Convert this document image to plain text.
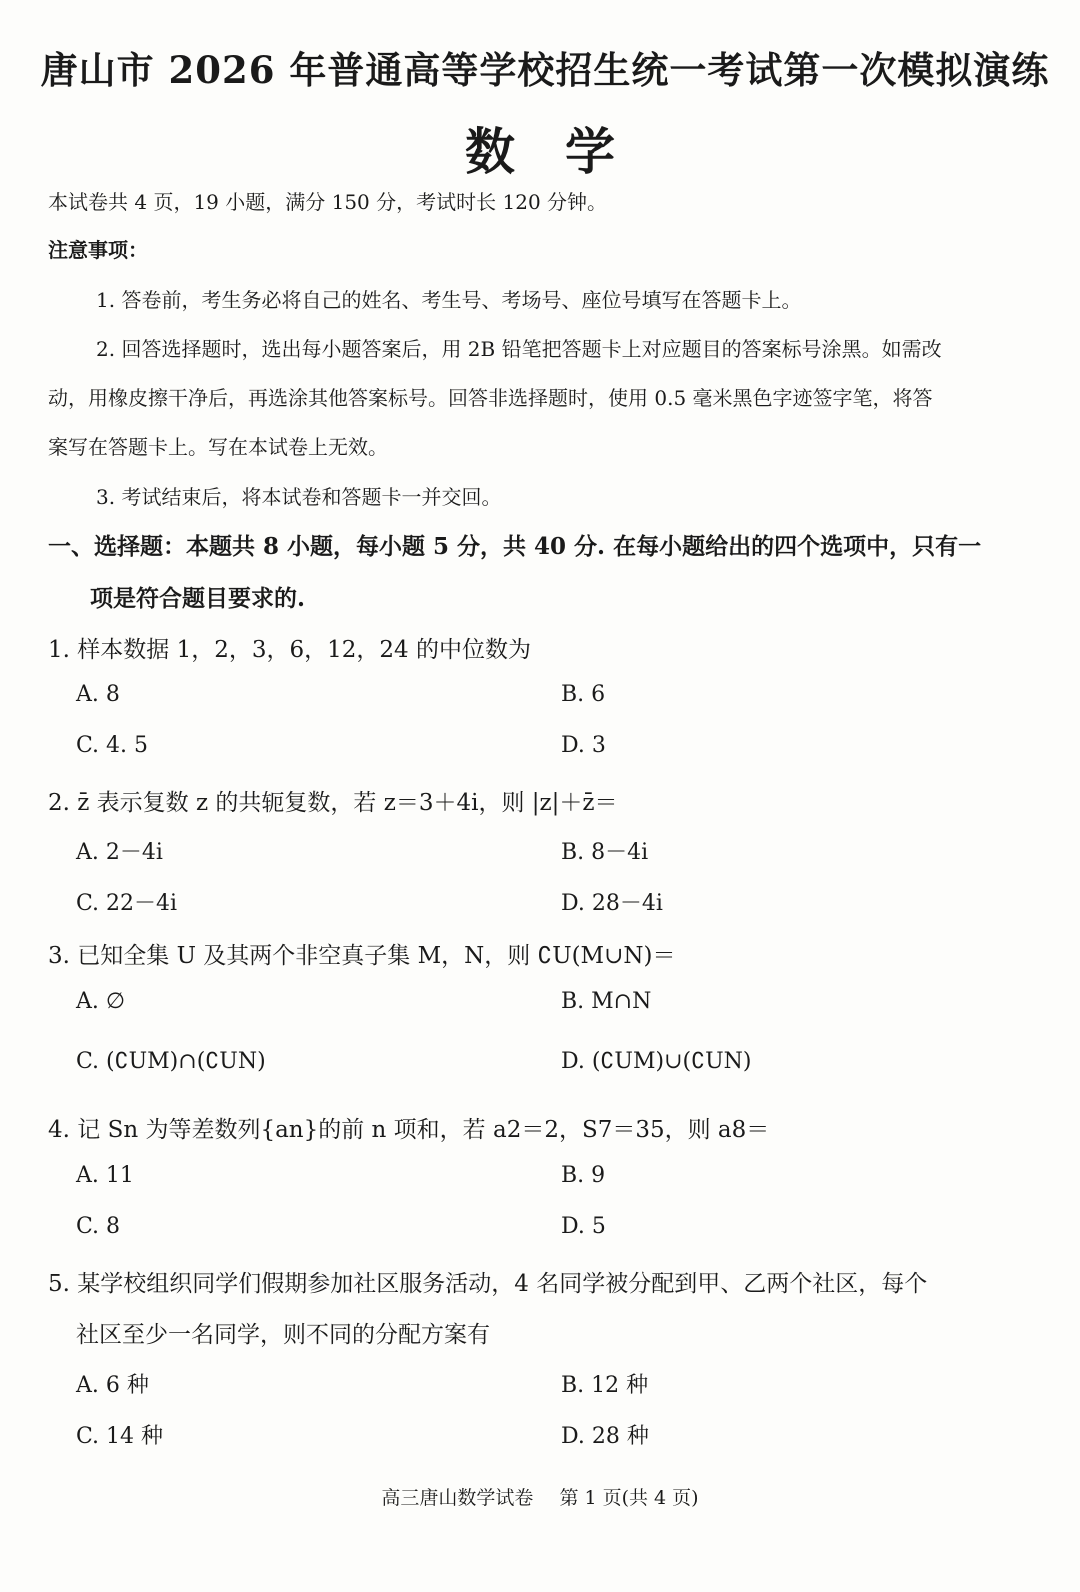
唐山市 2026 年普通高等学校招生统一考试第一次模拟演练
数学
本试卷共 4 页，19 小题，满分 150 分，考试时长 120 分钟。
注意事项：
1. 答卷前，考生务必将自己的姓名、考生号、考场号、座位号填写在答题卡上。
2. 回答选择题时，选出每小题答案后，用 2B 铅笔把答题卡上对应题目的答案标号涂黑。如需改
动，用橡皮擦干净后，再选涂其他答案标号。回答非选择题时，使用 0.5 毫米黑色字迹签字笔，将答
案写在答题卡上。写在本试卷上无效。
3. 考试结束后，将本试卷和答题卡一并交回。
一、选择题：本题共 8 小题，每小题 5 分，共 40 分. 在每小题给出的四个选项中，只有一
项是符合题目要求的.
1. 样本数据 1，2，3，6，12，24 的中位数为
A. 8	B. 6
C. 4. 5	D. 3
2. z̄ 表示复数 z 的共轭复数，若 z＝3＋4i，则 |z|＋z̄＝
A. 2－4i	B. 8－4i
C. 22－4i	D. 28－4i
3. 已知全集 U 及其两个非空真子集 M，N，则 ∁U(M∪N)＝
A. ∅	B. M∩N
C. (∁UM)∩(∁UN)	D. (∁UM)∪(∁UN)
4. 记 Sn 为等差数列{an}的前 n 项和，若 a2＝2，S7＝35，则 a8＝
A. 11	B. 9
C. 8	D. 5
5. 某学校组织同学们假期参加社区服务活动，4 名同学被分配到甲、乙两个社区，每个
社区至少一名同学，则不同的分配方案有
A. 6 种	B. 12 种
C. 14 种	D. 28 种
高三唐山数学试卷 第 1 页(共 4 页)
